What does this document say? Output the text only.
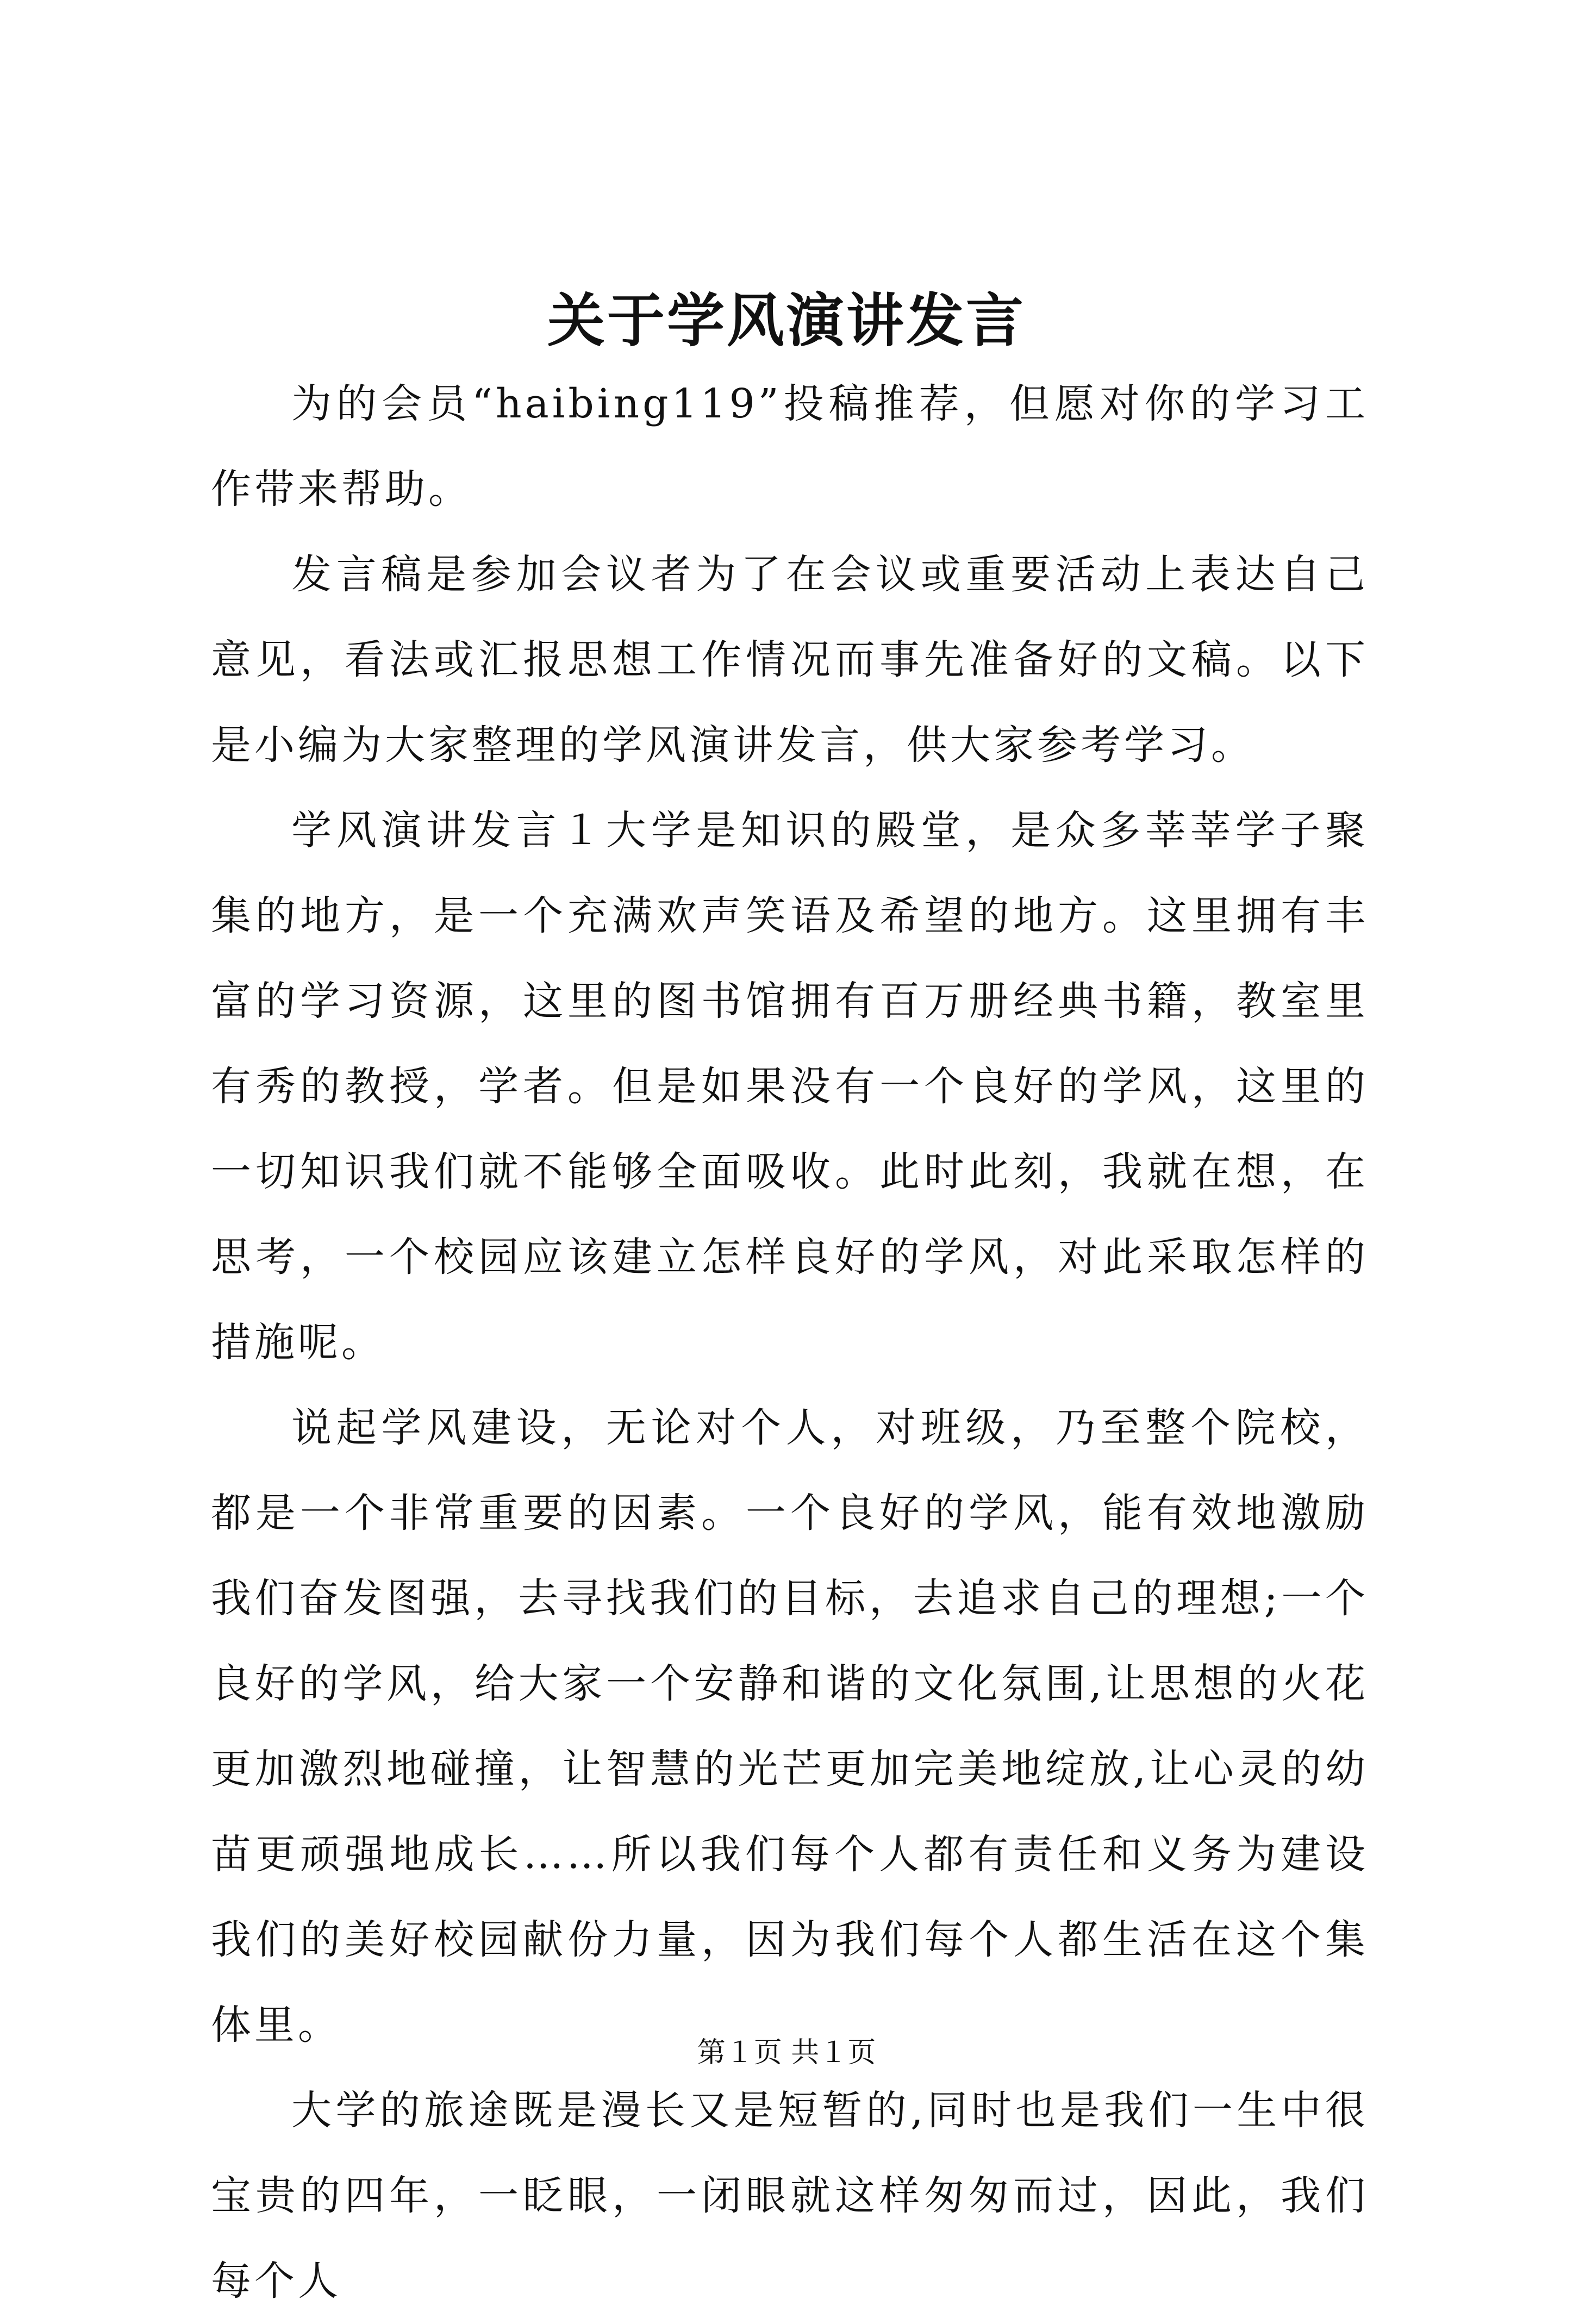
关于学风演讲发言

为的会员“haibing119”投稿推荐，但愿对你的学习工作带来帮助。

发言稿是参加会议者为了在会议或重要活动上表达自己意见，看法或汇报思想工作情况而事先准备好的文稿。以下是小编为大家整理的学风演讲发言，供大家参考学习。

学风演讲发言１大学是知识的殿堂，是众多莘莘学子聚集的地方，是一个充满欢声笑语及希望的地方。这里拥有丰富的学习资源，这里的图书馆拥有百万册经典书籍，教室里有秀的教授，学者。但是如果没有一个良好的学风，这里的一切知识我们就不能够全面吸收。此时此刻，我就在想，在思考，一个校园应该建立怎样良好的学风，对此采取怎样的措施呢。

说起学风建设，无论对个人，对班级，乃至整个院校，都是一个非常重要的因素。一个良好的学风，能有效地激励我们奋发图强，去寻找我们的目标，去追求自己的理想;一个良好的学风，给大家一个安静和谐的文化氛围,让思想的火花更加激烈地碰撞，让智慧的光芒更加完美地绽放,让心灵的幼苗更顽强地成长……所以我们每个人都有责任和义务为建设我们的美好校园献份力量，因为我们每个人都生活在这个集体里。

大学的旅途既是漫长又是短暂的,同时也是我们一生中很宝贵的四年，一眨眼，一闭眼就这样匆匆而过，因此，我们每个人

第１页 共１页
